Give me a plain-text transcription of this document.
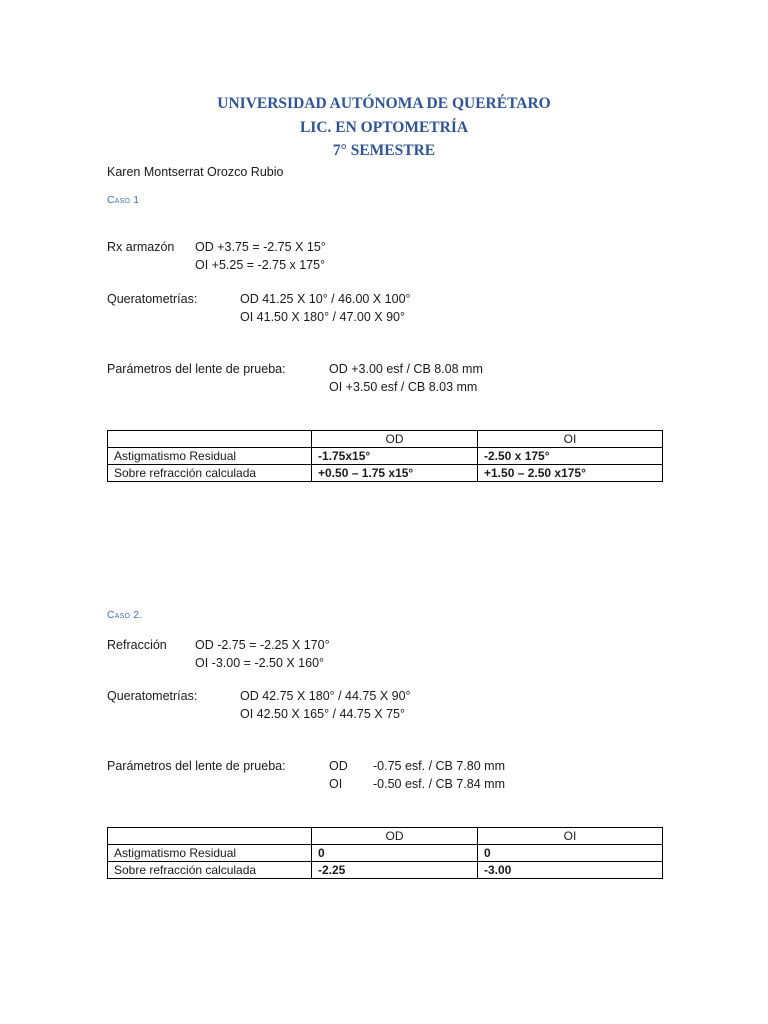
UNIVERSIDAD AUTÓNOMA DE QUERÉTARO
LIC. EN OPTOMETRÍA
7° SEMESTRE
Karen Montserrat Orozco Rubio
Caso 1
Rx armazón OD +3.75 = -2.75 X 15°
OI +5.25 = -2.75 x 175°
Queratometrías:	OD 41.25 X 10° / 46.00 X 100°
OI 41.50 X 180° / 47.00 X 90°
Parámetros del lente de prueba:	OD +3.00 esf / CB 8.08 mm
OI +3.50 esf / CB 8.03 mm
	OD	OI
Astigmatismo Residual	-1.75x15°	-2.50 x 175°
Sobre refracción calculada	+0.50 – 1.75 x15°	+1.50 – 2.50 x175°
Caso 2.
Refracción OD -2.75 = -2.25 X 170°
OI -3.00 = -2.50 X 160°
Queratometrías:	OD 42.75 X 180° / 44.75 X 90°
OI 42.50 X 165° / 44.75 X 75°
Parámetros del lente de prueba:	OD -0.75 esf. / CB 7.80 mm
OI -0.50 esf. / CB 7.84 mm
	OD	OI
Astigmatismo Residual	0	0
Sobre refracción calculada	-2.25	-3.00
